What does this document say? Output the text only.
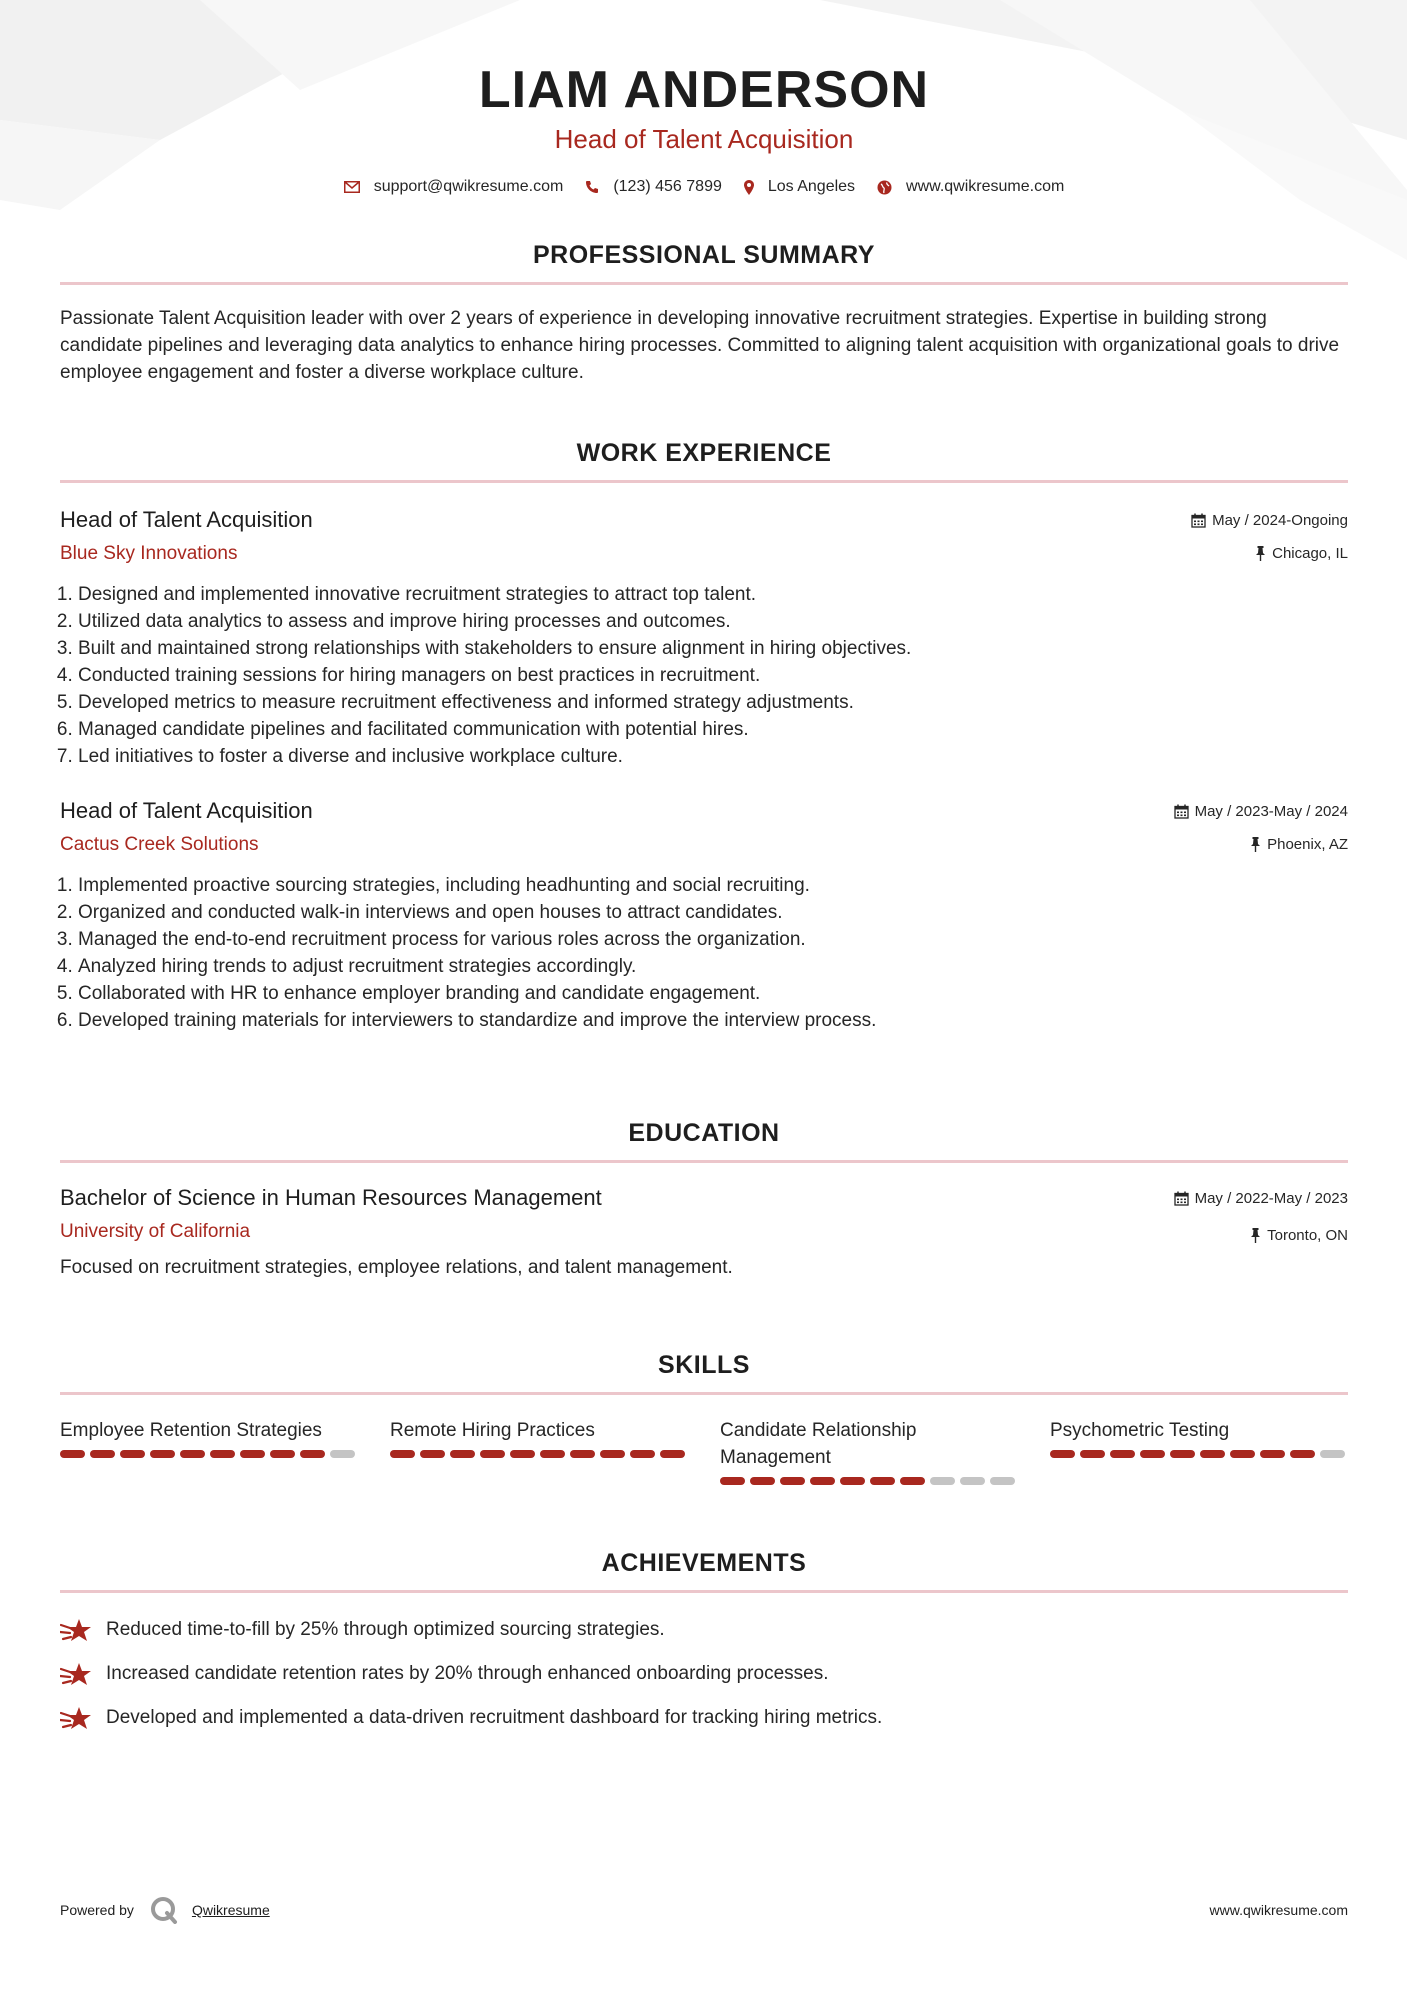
LIAM ANDERSON
Head of Talent Acquisition
support@qwikresume.com	(123) 456 7899	Los Angeles	www.qwikresume.com
PROFESSIONAL SUMMARY
Passionate Talent Acquisition leader with over 2 years of experience in developing innovative recruitment strategies. Expertise in building strong candidate pipelines and leveraging data analytics to enhance hiring processes. Committed to aligning talent acquisition with organizational goals to drive employee engagement and foster a diverse workplace culture.
WORK EXPERIENCE
Head of Talent Acquisition
Blue Sky Innovations
May / 2024-Ongoing
Chicago, IL
1. Designed and implemented innovative recruitment strategies to attract top talent.
2. Utilized data analytics to assess and improve hiring processes and outcomes.
3. Built and maintained strong relationships with stakeholders to ensure alignment in hiring objectives.
4. Conducted training sessions for hiring managers on best practices in recruitment.
5. Developed metrics to measure recruitment effectiveness and informed strategy adjustments.
6. Managed candidate pipelines and facilitated communication with potential hires.
7. Led initiatives to foster a diverse and inclusive workplace culture.
Head of Talent Acquisition
Cactus Creek Solutions
May / 2023-May / 2024
Phoenix, AZ
1. Implemented proactive sourcing strategies, including headhunting and social recruiting.
2. Organized and conducted walk-in interviews and open houses to attract candidates.
3. Managed the end-to-end recruitment process for various roles across the organization.
4. Analyzed hiring trends to adjust recruitment strategies accordingly.
5. Collaborated with HR to enhance employer branding and candidate engagement.
6. Developed training materials for interviewers to standardize and improve the interview process.
EDUCATION
Bachelor of Science in Human Resources Management
University of California
May / 2022-May / 2023
Toronto, ON
Focused on recruitment strategies, employee relations, and talent management.
SKILLS
Employee Retention Strategies	Remote Hiring Practices	Candidate Relationship Management
Psychometric Testing
ACHIEVEMENTS
Reduced time-to-fill by 25% through optimized sourcing strategies.
Increased candidate retention rates by 20% through enhanced onboarding processes.
Developed and implemented a data-driven recruitment dashboard for tracking hiring metrics.
Powered by	Qwikresume	www.qwikresume.com
